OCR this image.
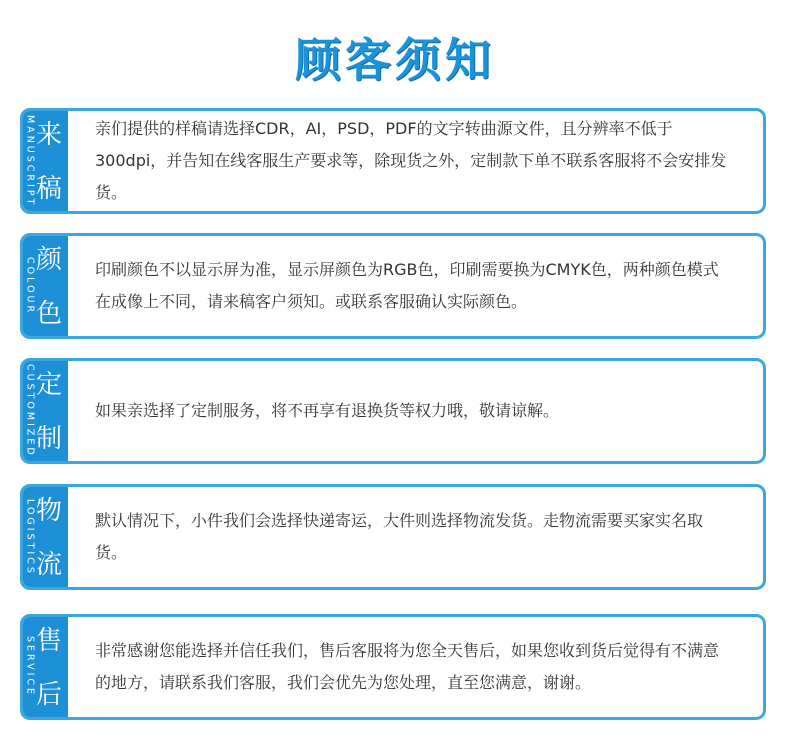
顾客须知
MANUSCRIPT 来
稿
亲们提供的样稿请选择CDR，AI，PSD，PDF的文字转曲源文件，且分辨率不低于300dpi，并告知在线客服生产要求等，除现货之外，定制款下单不联系客服将不会安排发货。
COLOUR 颜
色
印刷颜色不以显示屏为准，显示屏颜色为RGB色，印刷需要换为CMYK色，两种颜色模式在成像上不同，请来稿客户须知。或联系客服确认实际颜色。
CUSTOMIZED 定
制
如果亲选择了定制服务，将不再享有退换货等权力哦，敬请谅解。
LOGISTICS 物
流
默认情况下，小件我们会选择快递寄运，大件则选择物流发货。走物流需要买家实名取货。
SERVICE 售
后
非常感谢您能选择并信任我们，售后客服将为您全天售后，如果您收到货后觉得有不满意的地方，请联系我们客服，我们会优先为您处理，直至您满意，谢谢。
